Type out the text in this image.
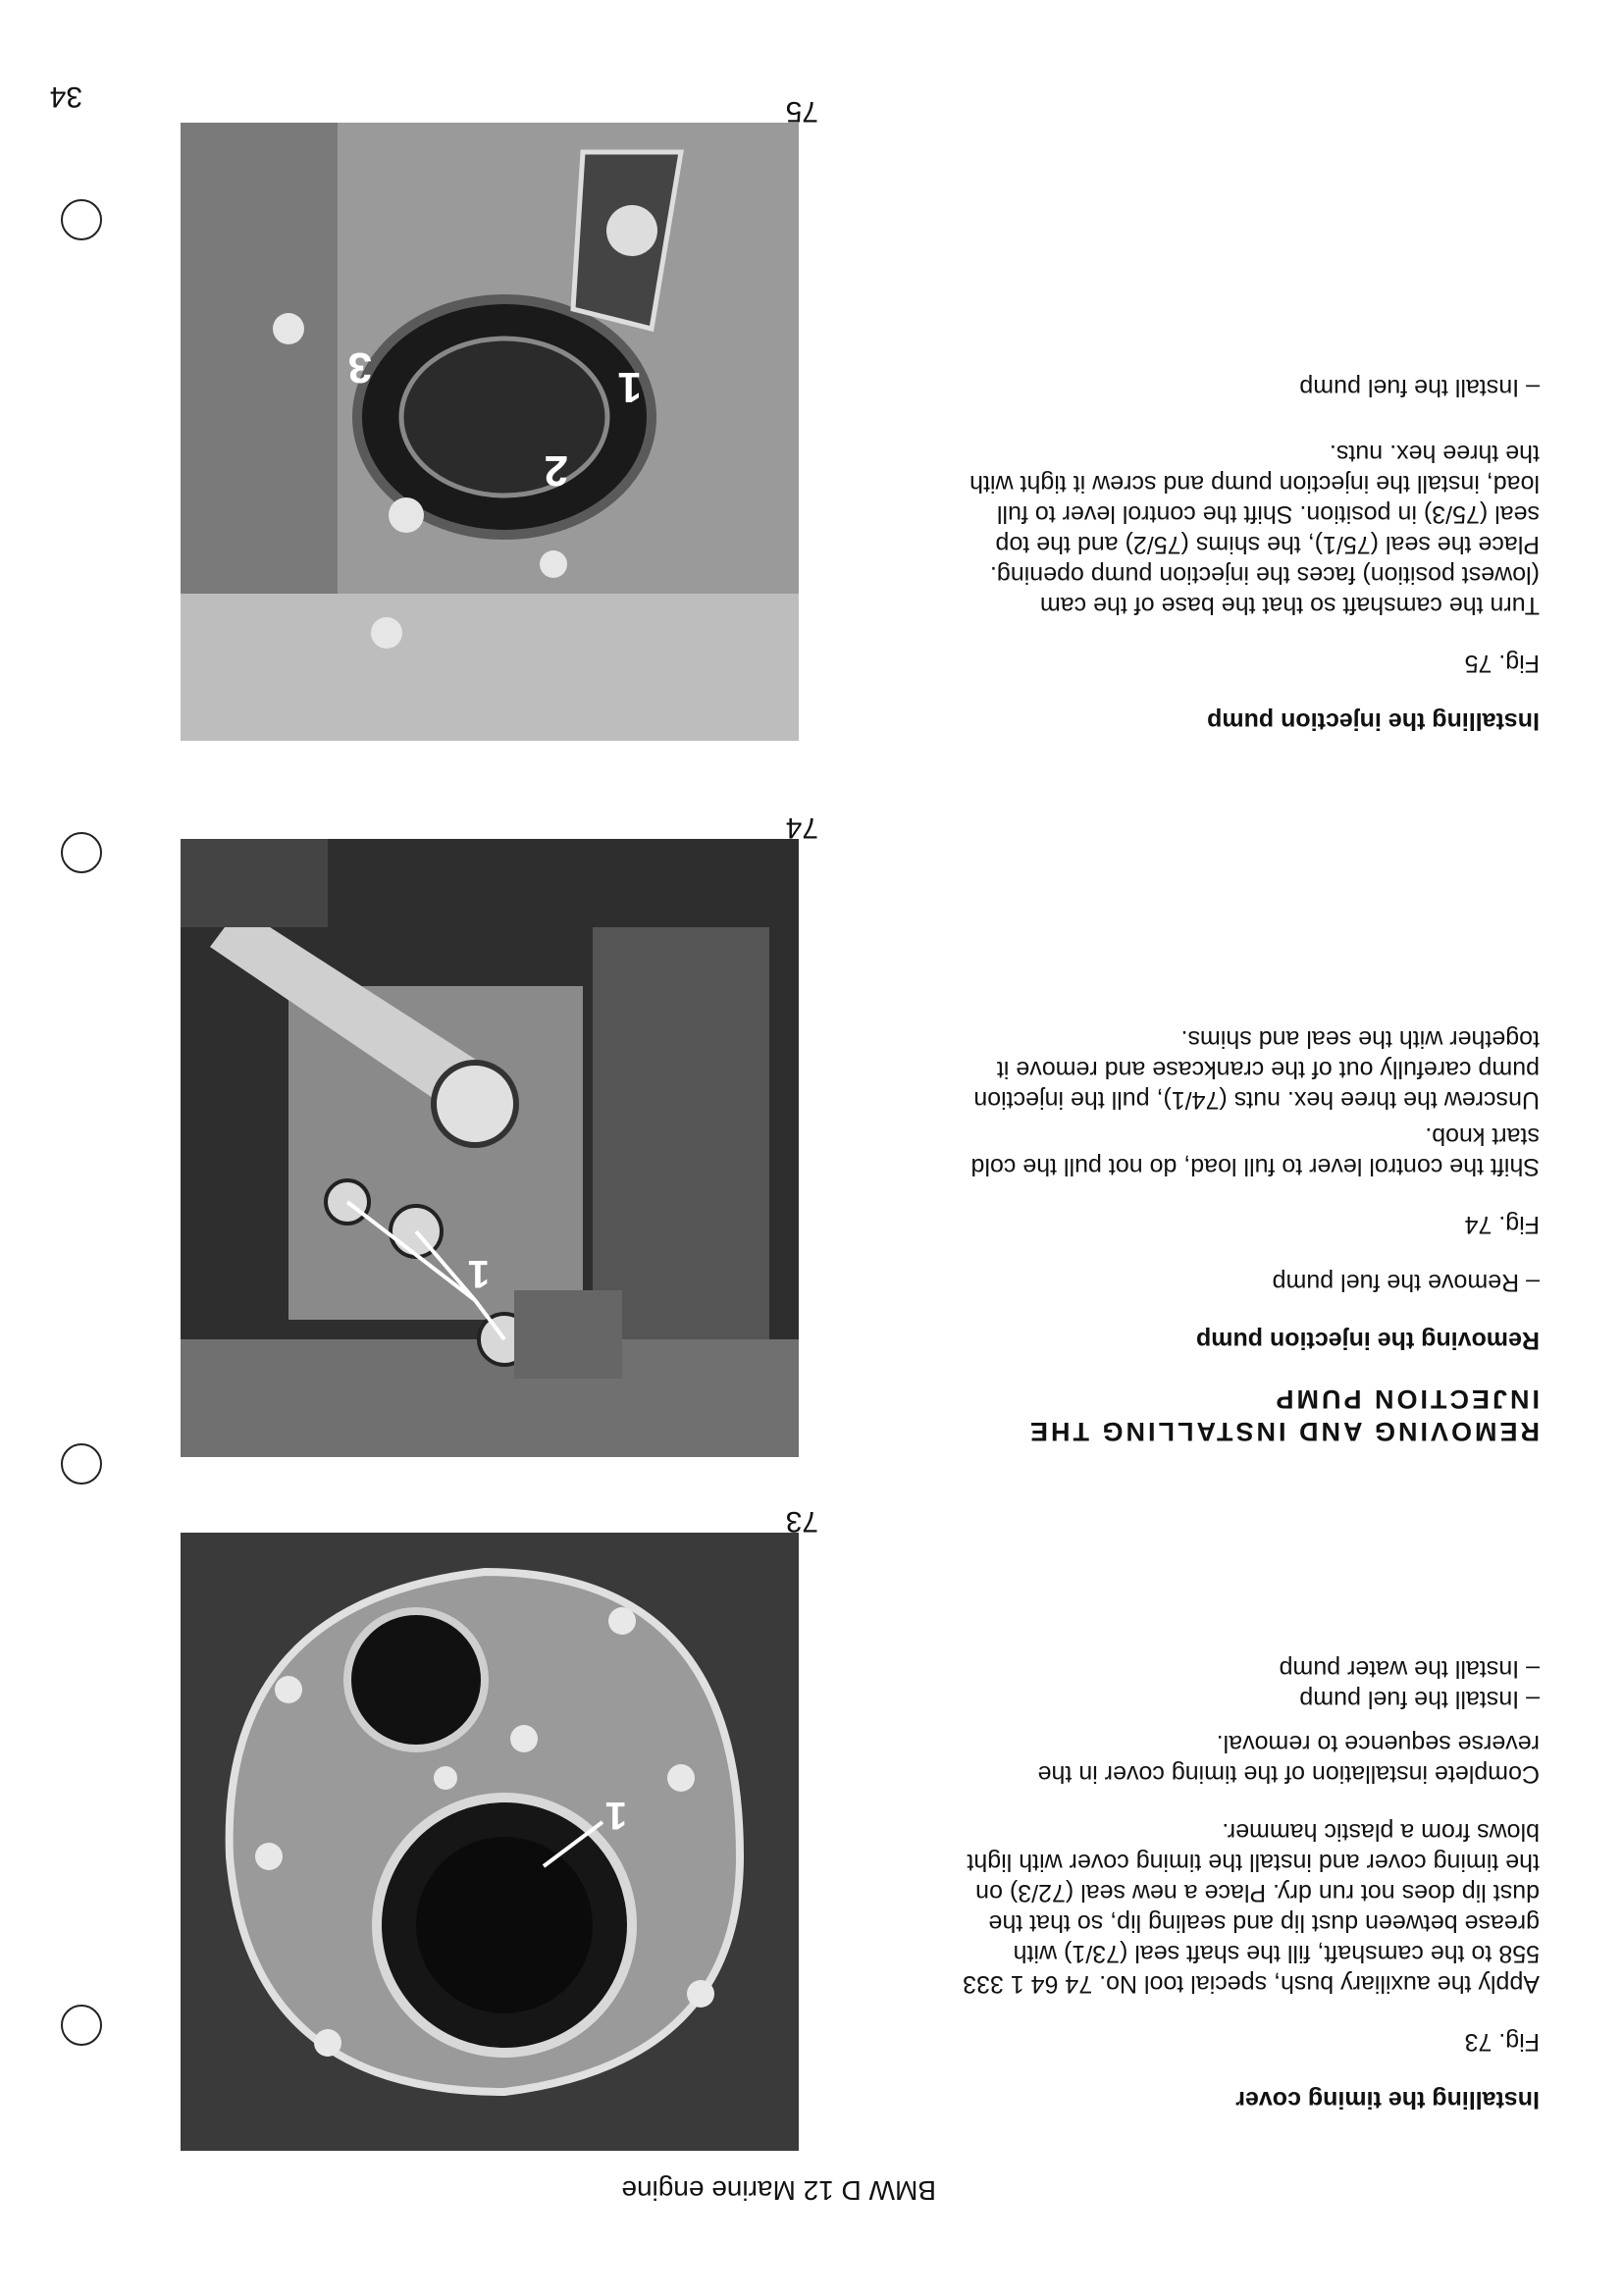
BMW D 12 Marine engine
34

Installing the timing cover

Fig. 73

Apply the auxiliary bush, special tool No. 74 64 1 333 558 to the camshaft, fill the shaft seal (73/1) with grease between dust lip and sealing lip, so that the dust lip does not run dry. Place a new seal (72/3) on the timing cover and install the timing cover with light blows from a plastic hammer.

Complete installation of the timing cover in the reverse sequence to removal.

– Install the fuel pump
– Install the water pump

REMOVING AND INSTALLING THE INJECTION PUMP

Removing the injection pump

– Remove the fuel pump

Fig. 74

Shift the control lever to full load, do not pull the cold start knob.

Unscrew the three hex. nuts (74/1), pull the injection pump carefully out of the crankcase and remove it together with the seal and shims.

Installing the injection pump

Fig. 75

Turn the camshaft so that the base of the cam (lowest position) faces the injection pump opening. Place the seal (75/1), the shims (75/2) and the top seal (75/3) in position. Shift the control lever to full load, install the injection pump and screw it tight with the three hex. nuts.

– Install the fuel pump
1
73
1
74
1
2
3
75
